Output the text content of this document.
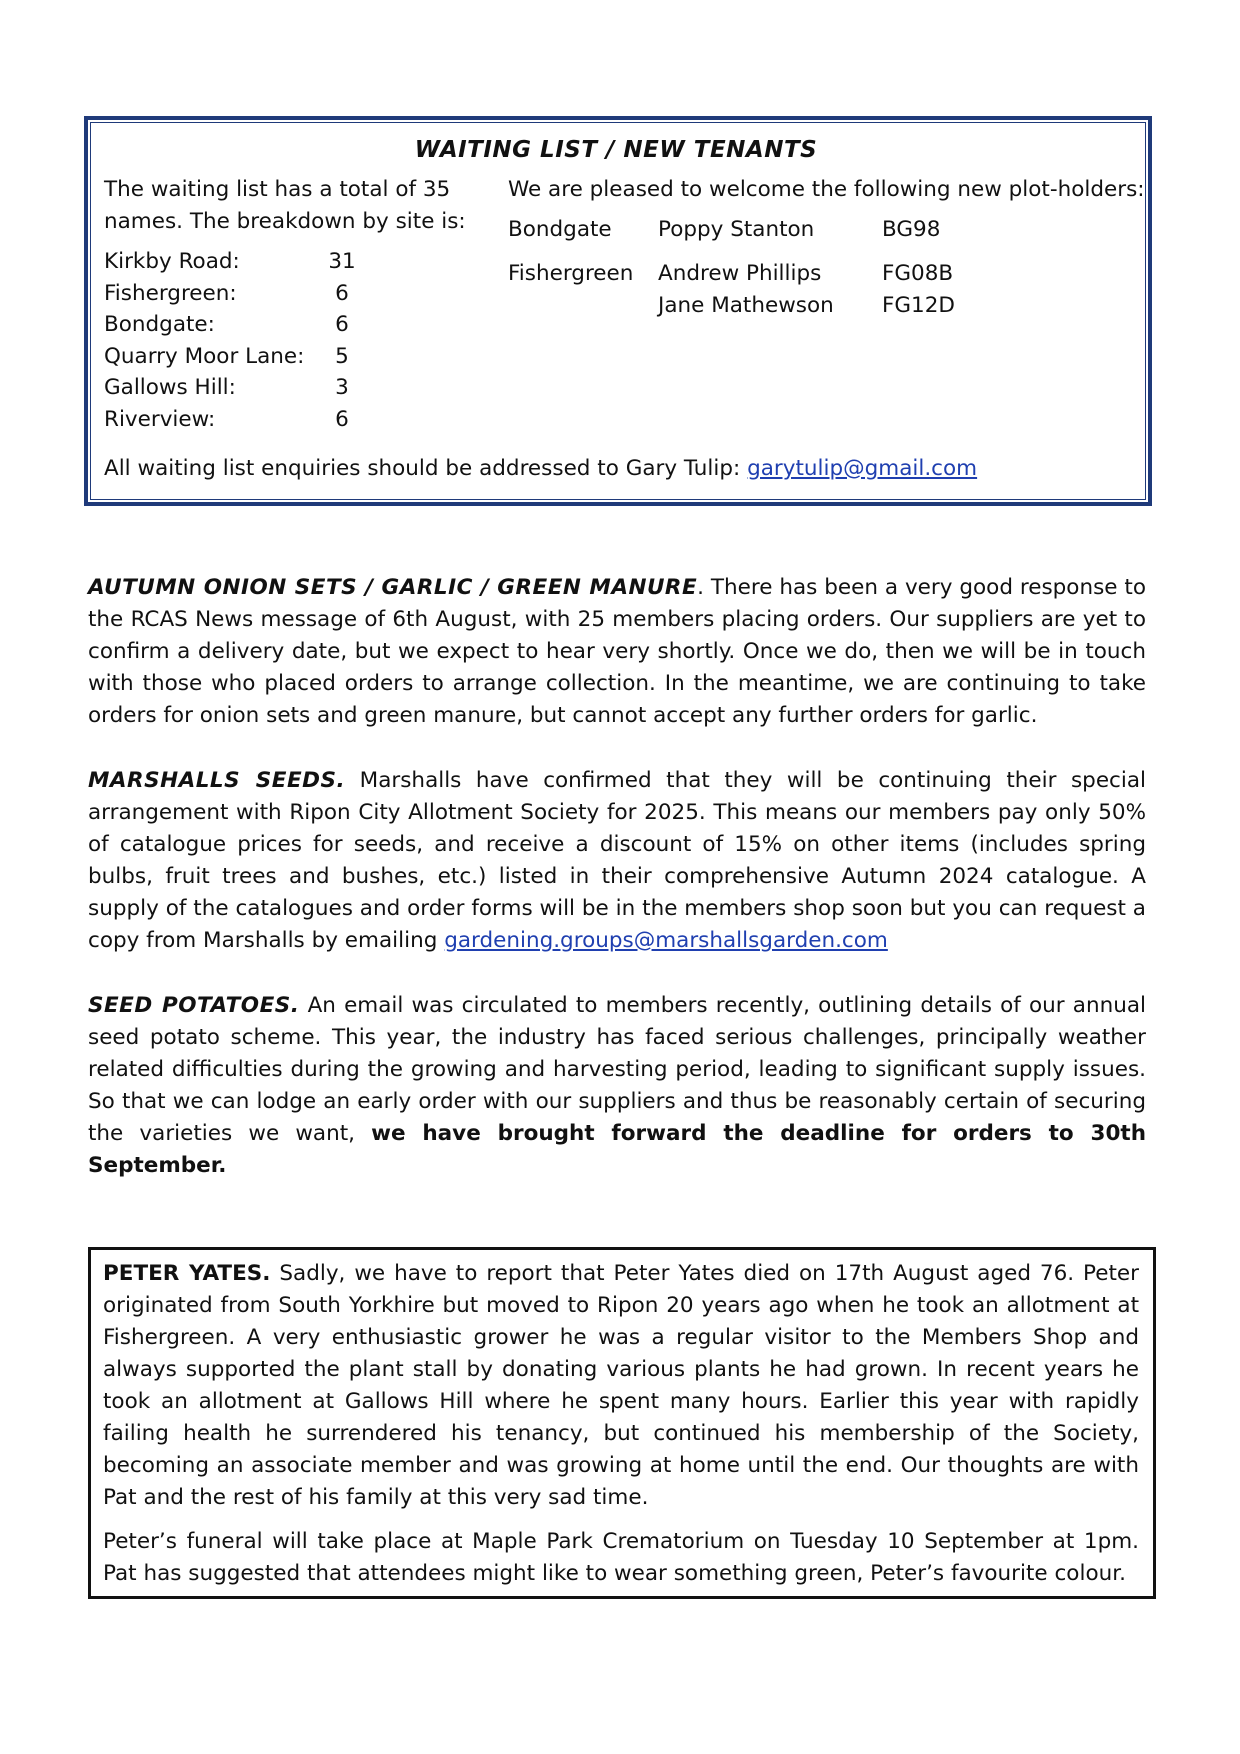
WAITING LIST / NEW TENANTS
The waiting list has a total of 35 names. The breakdown by site is:
Kirkby Road:	31
Fishergreen:	6
Bondgate:	6
Quarry Moor Lane:	5
Gallows Hill:	3
Riverview:	6
We are pleased to welcome the following new plot-holders:
Bondgate	Poppy Stanton	BG98

Fishergreen	Andrew Phillips	FG08B
	Jane Mathewson	FG12D
All waiting list enquiries should be addressed to Gary Tulip: garytulip@gmail.com

AUTUMN ONION SETS / GARLIC / GREEN MANURE. There has been a very good response to the RCAS News message of 6th August, with 25 members placing orders. Our suppliers are yet to confirm a delivery date, but we expect to hear very shortly. Once we do, then we will be in touch with those who placed orders to arrange collection. In the meantime, we are continuing to take orders for onion sets and green manure, but cannot accept any further orders for garlic.

MARSHALLS SEEDS. Marshalls have confirmed that they will be continuing their special arrangement with Ripon City Allotment Society for 2025. This means our members pay only 50% of catalogue prices for seeds, and receive a discount of 15% on other items (includes spring bulbs, fruit trees and bushes, etc.) listed in their comprehensive Autumn 2024 catalogue. A supply of the catalogues and order forms will be in the members shop soon but you can request a copy from Marshalls by emailing gardening.groups@marshallsgarden.com

SEED POTATOES. An email was circulated to members recently, outlining details of our annual seed potato scheme. This year, the industry has faced serious challenges, principally weather related difficulties during the growing and harvesting period, leading to significant supply issues. So that we can lodge an early order with our suppliers and thus be reasonably certain of securing the varieties we want, we have brought forward the deadline for orders to 30th September.

PETER YATES. Sadly, we have to report that Peter Yates died on 17th August aged 76. Peter originated from South Yorkhire but moved to Ripon 20 years ago when he took an allotment at Fishergreen. A very enthusiastic grower he was a regular visitor to the Members Shop and always supported the plant stall by donating various plants he had grown. In recent years he took an allotment at Gallows Hill where he spent many hours. Earlier this year with rapidly failing health he surrendered his tenancy, but continued his membership of the Society, becoming an associate member and was growing at home until the end. Our thoughts are with Pat and the rest of his family at this very sad time.

Peter’s funeral will take place at Maple Park Crematorium on Tuesday 10 September at 1pm. Pat has suggested that attendees might like to wear something green, Peter’s favourite colour.
